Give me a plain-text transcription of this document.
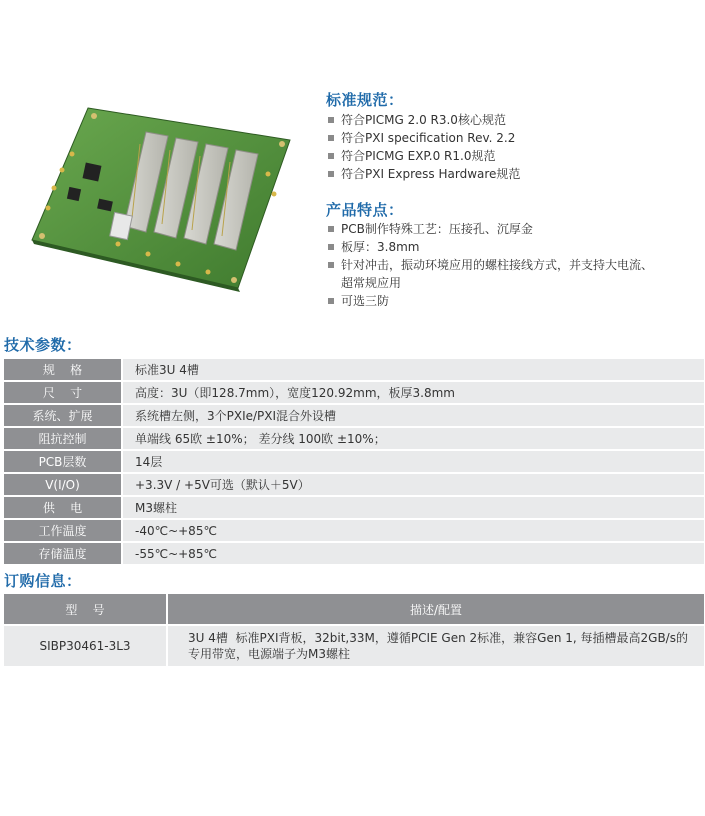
标准规范：
符合PICMG 2.0 R3.0核心规范
符合PXI specification Rev. 2.2
符合PICMG EXP.0 R1.0规范
符合PXI Express Hardware规范
产品特点：
PCB制作特殊工艺：压接孔、沉厚金
板厚：3.8mm
针对冲击，振动环境应用的螺柱接线方式，并支持大电流、
超常规应用
可选三防
技术参数：
规    格	标准3U 4槽
尺    寸	高度：3U（即128.7mm），宽度120.92mm，板厚3.8mm
系统、扩展	系统槽左侧，3个PXIe/PXI混合外设槽
阻抗控制	单端线 65欧 ±10%； 差分线 100欧 ±10%；
PCB层数	14层
V(I/O)	+3.3V / +5V可选（默认＋5V）
供    电	M3螺柱
工作温度	-40℃~+85℃
存储温度	-55℃~+85℃
订购信息：
型    号	描述/配置
SIBP30461-3L3	3U 4槽  标准PXI背板，32bit,33M，遵循PCIE Gen 2标准，兼容Gen 1, 每插槽最高2GB/s的
专用带宽，电源端子为M3螺柱
